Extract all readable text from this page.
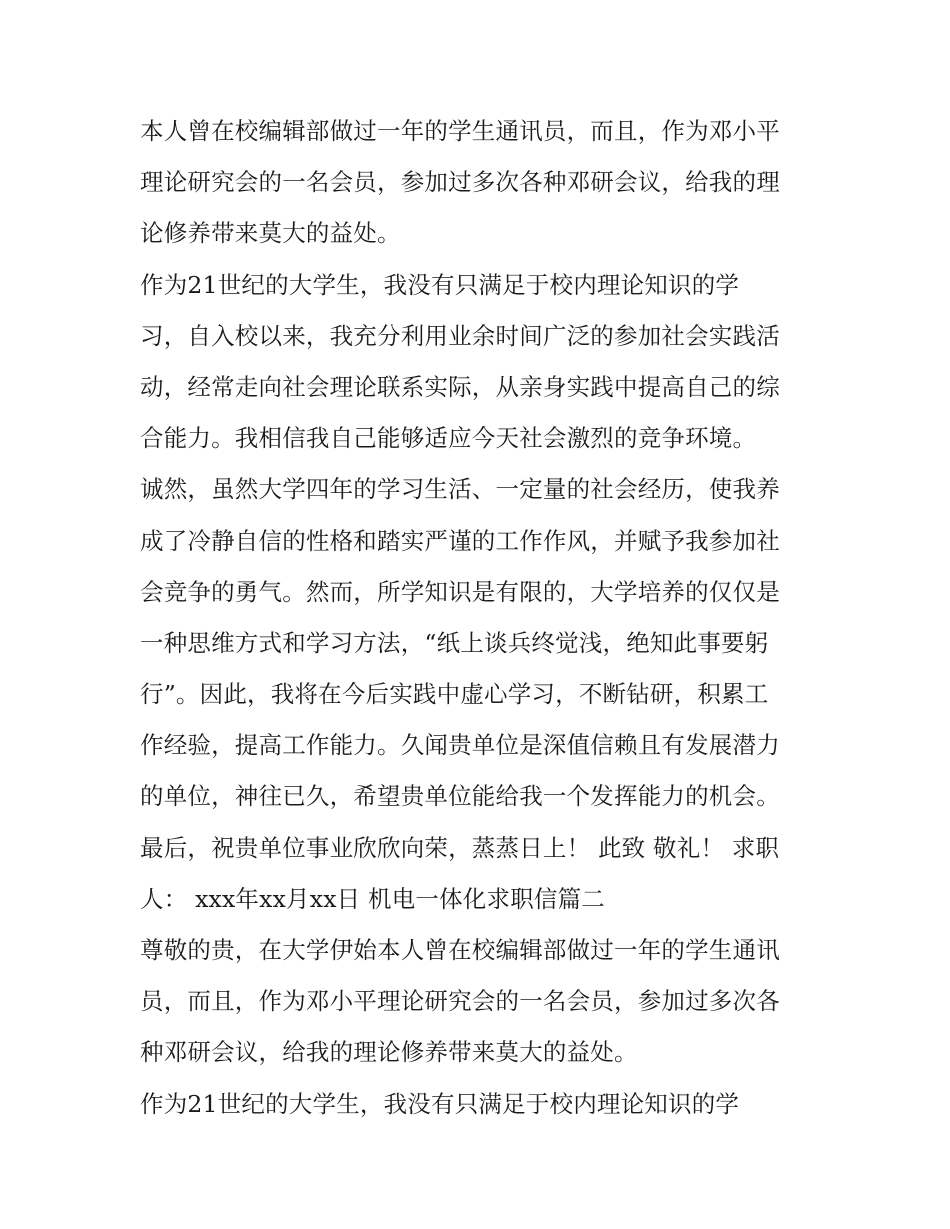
本人曾在校编辑部做过一年的学生通讯员，而且，作为邓小平
理论研究会的一名会员，参加过多次各种邓研会议，给我的理
论修养带来莫大的益处。
作为21世纪的大学生，我没有只满足于校内理论知识的学
习，自入校以来，我充分利用业余时间广泛的参加社会实践活
动，经常走向社会理论联系实际，从亲身实践中提高自己的综
合能力。我相信我自己能够适应今天社会激烈的竞争环境。
诚然，虽然大学四年的学习生活、一定量的社会经历，使我养
成了冷静自信的性格和踏实严谨的工作作风，并赋予我参加社
会竞争的勇气。然而，所学知识是有限的，大学培养的仅仅是
一种思维方式和学习方法，“纸上谈兵终觉浅，绝知此事要躬
行”。因此，我将在今后实践中虚心学习，不断钻研，积累工
作经验，提高工作能力。久闻贵单位是深值信赖且有发展潜力
的单位，神往已久，希望贵单位能给我一个发挥能力的机会。
最后，祝贵单位事业欣欣向荣，蒸蒸日上！ 此致 敬礼！ 求职
人： xxx年xx月xx日 机电一体化求职信篇二
尊敬的贵，在大学伊始本人曾在校编辑部做过一年的学生通讯
员，而且，作为邓小平理论研究会的一名会员，参加过多次各
种邓研会议，给我的理论修养带来莫大的益处。
作为21世纪的大学生，我没有只满足于校内理论知识的学
